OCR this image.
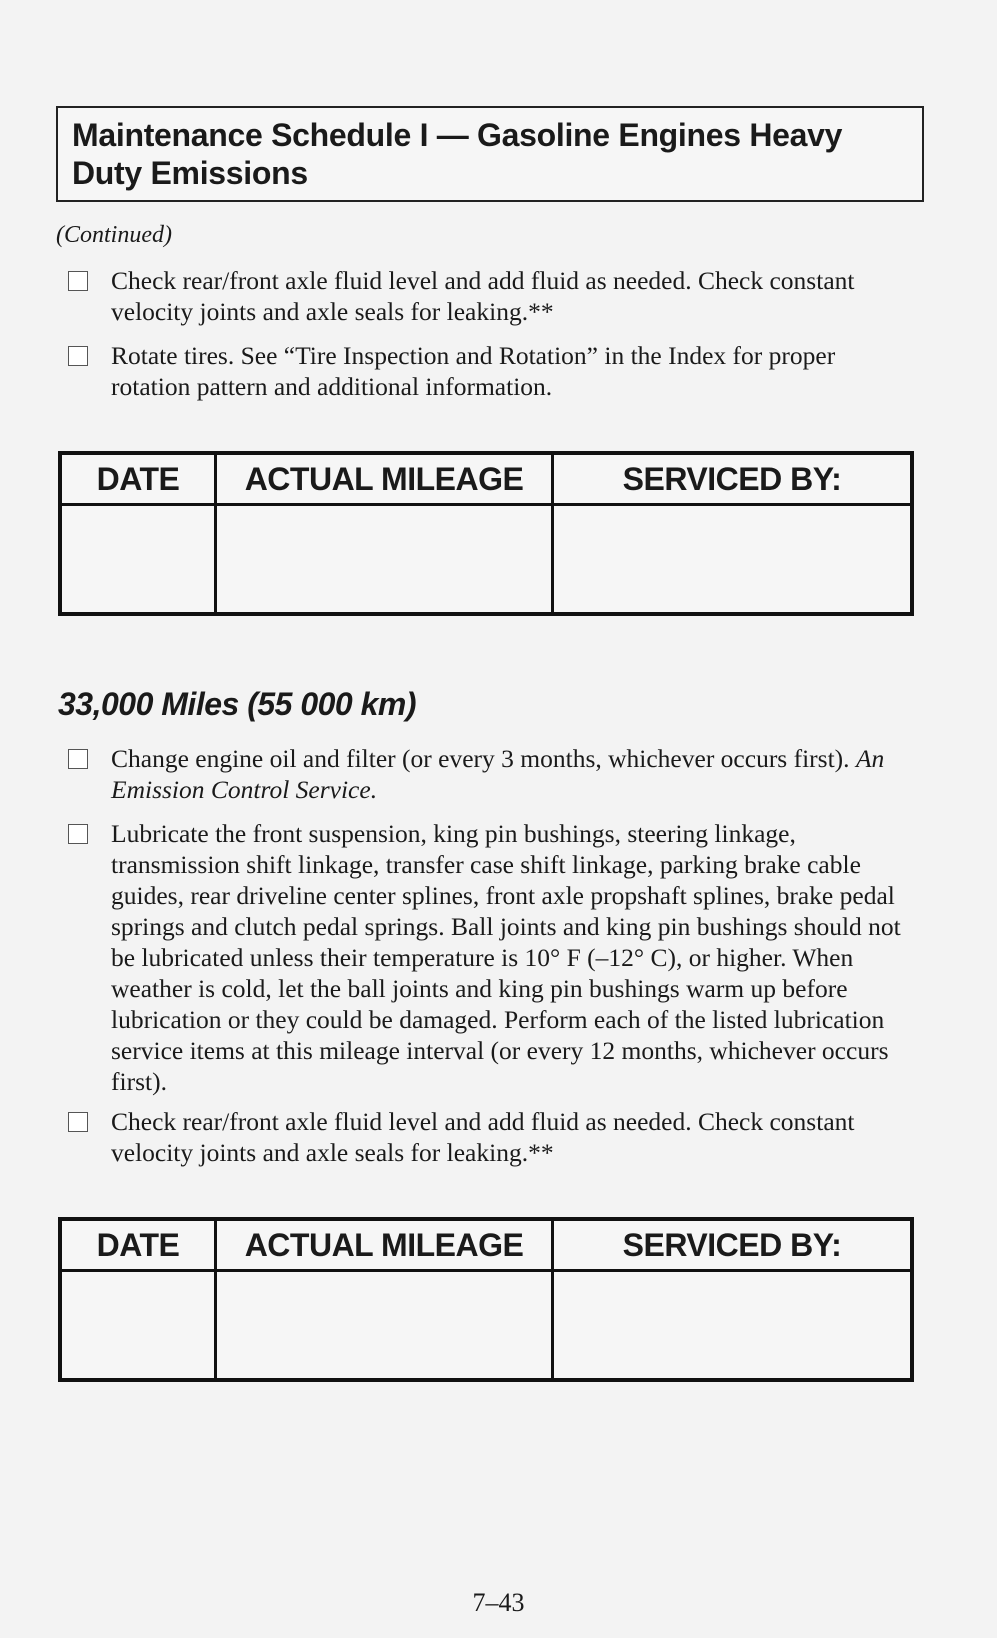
Maintenance Schedule I — Gasoline Engines Heavy Duty Emissions
(Continued)
Check rear/front axle fluid level and add fluid as needed. Check constant velocity joints and axle seals for leaking.**
Rotate tires. See “Tire Inspection and Rotation” in the Index for proper rotation pattern and additional information.
DATE	ACTUAL MILEAGE	SERVICED BY:

33,000 Miles (55 000 km)
Change engine oil and filter (or every 3 months, whichever occurs first). An Emission Control Service.
Lubricate the front suspension, king pin bushings, steering linkage, transmission shift linkage, transfer case shift linkage, parking brake cable guides, rear driveline center splines, front axle propshaft splines, brake pedal springs and clutch pedal springs. Ball joints and king pin bushings should not be lubricated unless their temperature is 10° F (–12° C), or higher. When weather is cold, let the ball joints and king pin bushings warm up before lubrication or they could be damaged. Perform each of the listed lubrication service items at this mileage interval (or every 12 months, whichever occurs first).
Check rear/front axle fluid level and add fluid as needed. Check constant velocity joints and axle seals for leaking.**
DATE	ACTUAL MILEAGE	SERVICED BY:

7–43
